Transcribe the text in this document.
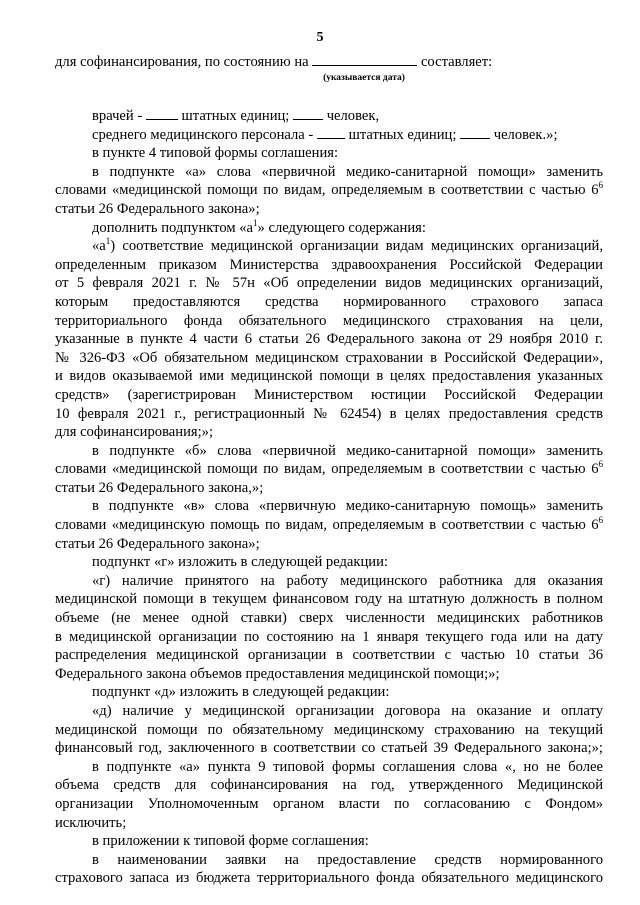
5
(указывается дата)
для софинансирования, по состоянию на	составляет:
врачей -	штатных единиц;	человек,
среднего медицинского персонала - штатных единиц;	человек.»;
в пункте 4 типовой формы соглашения:
в подпункте «а» слова «первичной медико-санитарной помощи» заменить
словами «медицинской помощи по видам, определяемым в соответствии с частью $6^6$
статьи 26 Федерального закона»;
дополнить подпунктом «$а^1$» следующего содержания:
«$а^1$) соответствие медицинской организации видам медицинских организаций,
определенным приказом Министерства здравоохранения Российской Федерации
от 5 февраля 2021 г. № 57н «Об определении видов медицинских организаций,
которым предоставляются средства нормированного страхового запаса
территориального фонда обязательного медицинского страхования на цели,
указанные в пункте 4 части 6 статьи 26 Федерального закона от 29 ноября 2010 г.
№ 326-ФЗ «Об обязательном медицинском страховании в Российской Федерации»,
и видов оказываемой ими медицинской помощи в целях предоставления указанных
средств» (зарегистрирован Министерством юстиции Российской Федерации
10 февраля 2021 г., регистрационный № 62454) в целях предоставления средств
для софинансирования;»;
в подпункте «б» слова «первичной медико-санитарной помощи» заменить
словами «медицинской помощи по видам, определяемым в соответствии с частью $6^6$
статьи 26 Федерального закона,»;
в подпункте «в» слова «первичную медико-санитарную помощь» заменить
словами «медицинскую помощь по видам, определяемым в соответствии с частью $6^6$
статьи 26 Федерального закона»;
подпункт «г» изложить в следующей редакции:
«г) наличие принятого на работу медицинского работника для оказания
медицинской помощи в текущем финансовом году на штатную должность в полном
объеме (не менее одной ставки) сверх численности медицинских работников
в медицинской организации по состоянию на 1 января текущего года или на дату
распределения медицинской организации в соответствии с частью 10 статьи 36
Федерального закона объемов предоставления медицинской помощи;»;
подпункт «д» изложить в следующей редакции:
«д) наличие у медицинской организации договора на оказание и оплату
медицинской помощи по обязательному медицинскому страхованию на текущий
финансовый год, заключенного в соответствии со статьей 39 Федерального закона;»;
в подпункте «а» пункта 9 типовой формы соглашения слова «, но не более
объема средств для софинансирования на год, утвержденного Медицинской
организации Уполномоченным органом власти по согласованию с Фондом»
исключить;
в приложении к типовой форме соглашения:
в наименовании заявки на предоставление средств нормированного
страхового запаса из бюджета территориального фонда обязательного медицинского
